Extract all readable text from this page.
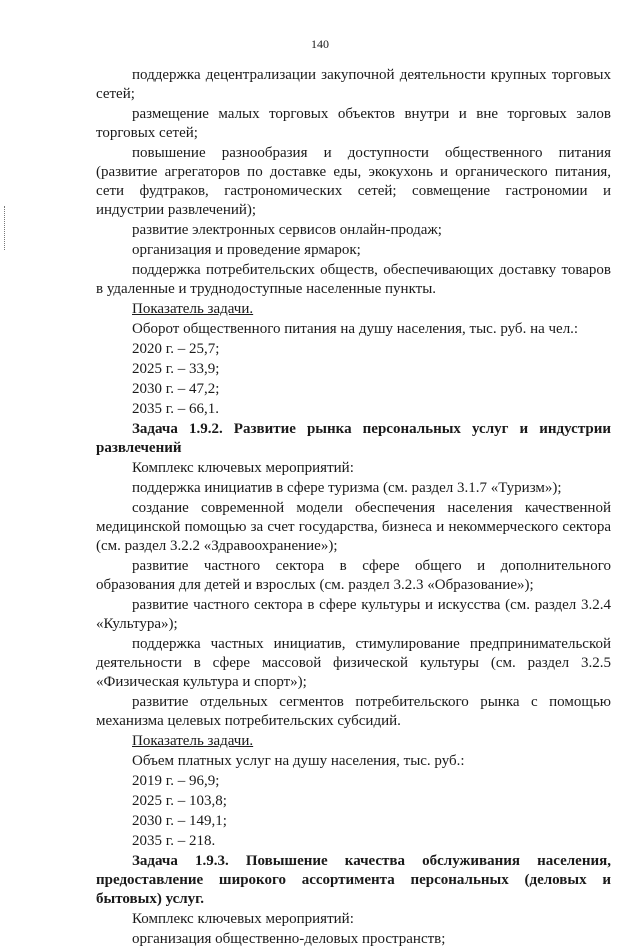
140

поддержка децентрализации закупочной деятельности крупных торговых сетей;

размещение малых торговых объектов внутри и вне торговых залов торговых сетей;

повышение разнообразия и доступности общественного питания (развитие агрегаторов по доставке еды, экокухонь и органического питания, сети фудтраков, гастрономических сетей; совмещение гастрономии и индустрии развлечений);

развитие электронных сервисов онлайн-продаж;

организация и проведение ярмарок;

поддержка потребительских обществ, обеспечивающих доставку товаров в удаленные и труднодоступные населенные пункты.

Показатель задачи.
Оборот общественного питания на душу населения, тыс. руб. на чел.:
2020 г. – 25,7;
2025 г. – 33,9;
2030 г. – 47,2;
2035 г. – 66,1.

Задача 1.9.2. Развитие рынка персональных услуг и индустрии развлечений

Комплекс ключевых мероприятий:

поддержка инициатив в сфере туризма (см. раздел 3.1.7 «Туризм»);

создание современной модели обеспечения населения качественной медицинской помощью за счет государства, бизнеса и некоммерческого сектора (см. раздел 3.2.2 «Здравоохранение»);

развитие частного сектора в сфере общего и дополнительного образования для детей и взрослых (см. раздел 3.2.3 «Образование»);

развитие частного сектора в сфере культуры и искусства (см. раздел 3.2.4 «Культура»);

поддержка частных инициатив, стимулирование предпринимательской деятельности в сфере массовой физической культуры (см. раздел 3.2.5 «Физическая культура и спорт»);

развитие отдельных сегментов потребительского рынка с помощью механизма целевых потребительских субсидий.

Показатель задачи.
Объем платных услуг на душу населения, тыс. руб.:
2019 г. – 96,9;
2025 г. – 103,8;
2030 г. – 149,1;
2035 г. – 218.

Задача 1.9.3. Повышение качества обслуживания населения, предоставление широкого ассортимента персональных (деловых и бытовых) услуг.

Комплекс ключевых мероприятий:
организация общественно-деловых пространств;
